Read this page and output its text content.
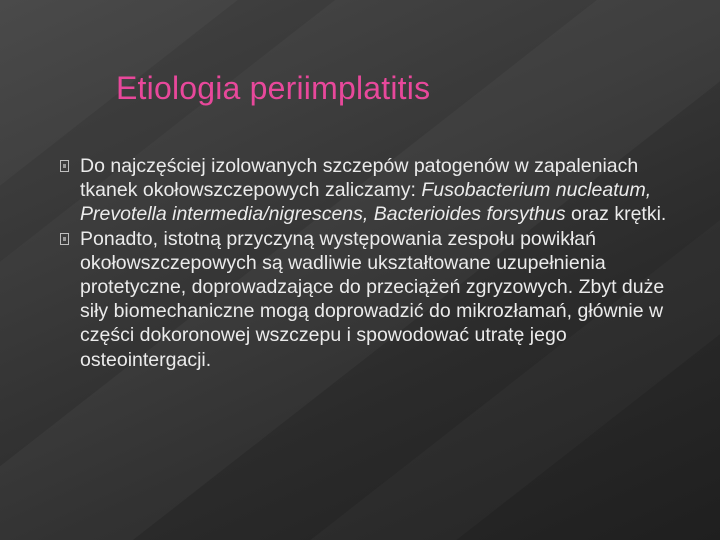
Etiologia periimplatitis
Do najczęściej izolowanych szczepów patogenów w zapaleniach tkanek okołowszczepowych zaliczamy: Fusobacterium nucleatum, Prevotella intermedia/nigrescens, Bacterioides forsythus oraz krętki.
Ponadto, istotną przyczyną występowania zespołu powikłań okołowszczepowych są wadliwie ukształtowane uzupełnienia protetyczne, doprowadzające do przeciążeń zgryzowych. Zbyt duże siły biomechaniczne mogą doprowadzić do mikrozłamań, głównie w części dokoronowej wszczepu i spowodować utratę jego osteointergacji.
